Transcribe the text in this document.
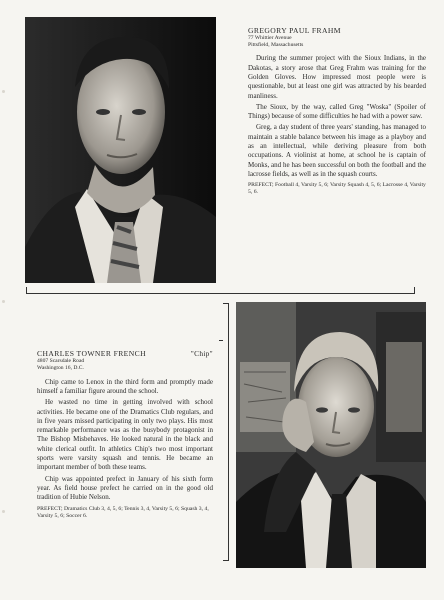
GREGORY PAUL FRAHM

77 Whittier Avenue
Pittsfield, Massachusetts

During the summer project with the Sioux Indians, in the Dakotas, a story arose that Greg Frahm was training for the Golden Gloves. How impressed most people were is questionable, but at least one girl was attracted by his bearded manliness.

The Sioux, by the way, called Greg "Woska" (Spoiler of Things) because of some difficulties he had with a power saw.

Greg, a day student of three years' standing, has managed to maintain a stable balance between his image as a playboy and as an intellectual, while deriving pleasure from both occupations. A violinist at home, at school he is captain of Monks, and he has been successful on both the football and the lacrosse fields, as well as in the squash courts.

PREFECT; Football 4, Varsity 5, 6; Varsity Squash 4, 5, 6; Lacrosse 4, Varsity 5, 6.

CHARLES TOWNER FRENCH	"Chip"

4807 Scarsdale Road
Washington 16, D.C.

Chip came to Lenox in the third form and promptly made himself a familiar figure around the school.

He wasted no time in getting involved with school activities. He became one of the Dramatics Club regulars, and in five years missed participating in only two plays. His most remarkable performance was as the busybody protagonist in The Bishop Misbehaves. He looked natural in the black and white clerical outfit. In athletics Chip's two most important sports were varsity squash and tennis. He became an important member of both these teams.

Chip was appointed prefect in January of his sixth form year. As field house prefect he carried on in the good old tradition of Hubie Nelson.

PREFECT; Dramatics Club 3, 4, 5, 6; Tennis 3, 4, Varsity 5, 6; Squash 3, 4, Varsity 5, 6; Soccer 6.
